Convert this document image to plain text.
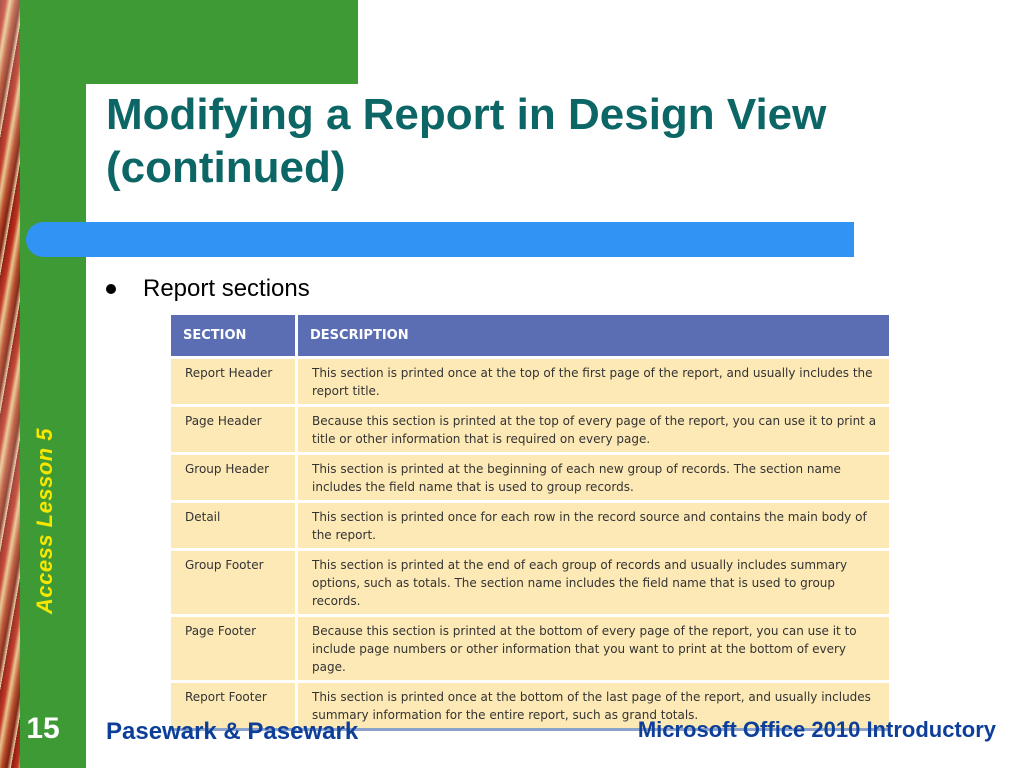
Access Lesson 5
Modifying a Report in Design View
(continued)
Report sections
SECTION	DESCRIPTION
Report Header	This section is printed once at the top of the first page of the report, and usually includes the report title.
Page Header	Because this section is printed at the top of every page of the report, you can use it to print a title or other information that is required on every page.
Group Header	This section is printed at the beginning of each new group of records. The section name includes the field name that is used to group records.
Detail	This section is printed once for each row in the record source and contains the main body of the report.
Group Footer	This section is printed at the end of each group of records and usually includes summary options, such as totals. The section name includes the field name that is used to group records.
Page Footer	Because this section is printed at the bottom of every page of the report, you can use it to include page numbers or other information that you want to print at the bottom of every page.
Report Footer	This section is printed once at the bottom of the last page of the report, and usually includes summary information for the entire report, such as grand totals.
15 Pasewark & Pasewark	Microsoft Office 2010 Introductory
